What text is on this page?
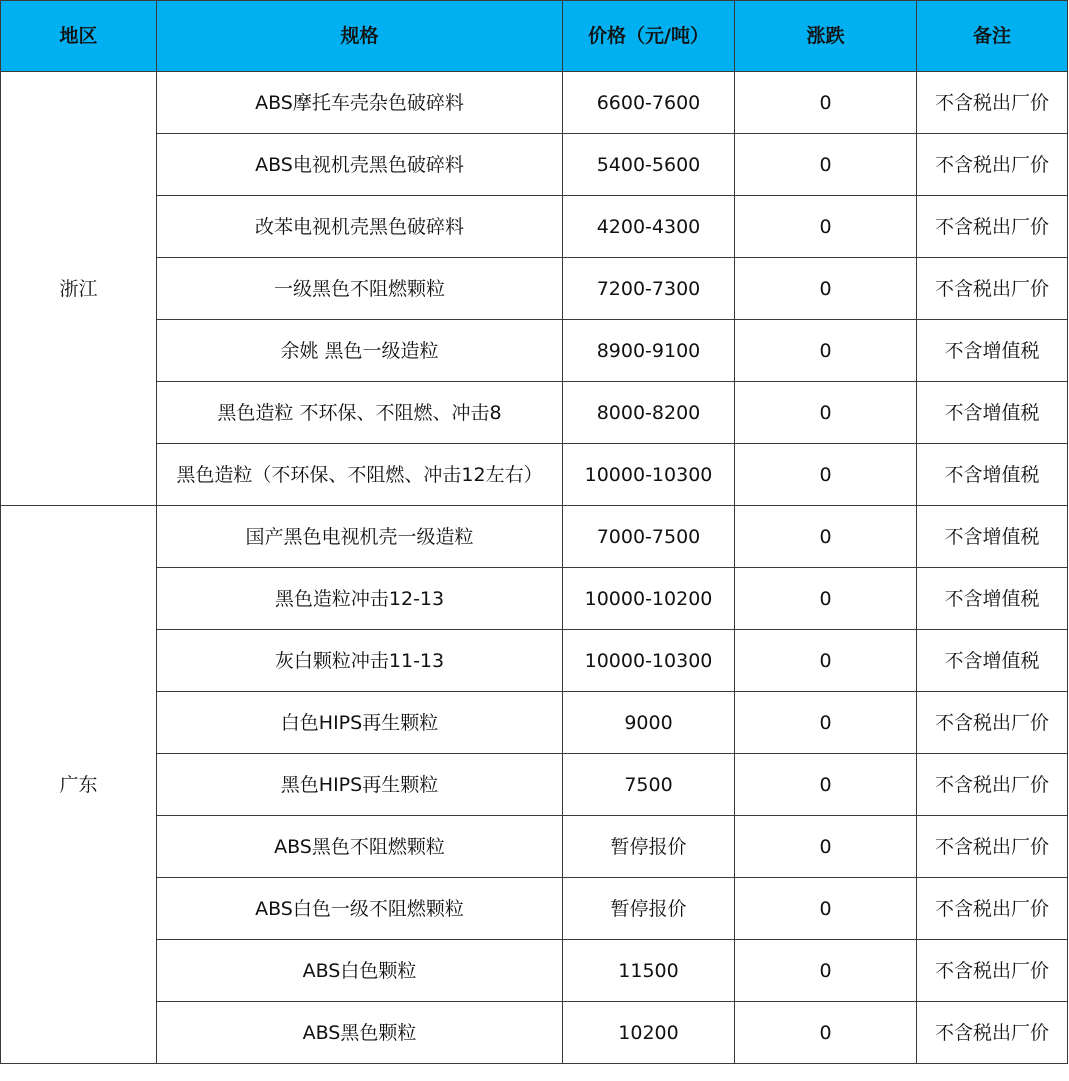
地区	规格	价格（元/吨）	涨跌	备注
浙江	ABS摩托车壳杂色破碎料	6600-7600	0	不含税出厂价
	ABS电视机壳黑色破碎料	5400-5600	0	不含税出厂价
	改苯电视机壳黑色破碎料	4200-4300	0	不含税出厂价
	一级黑色不阻燃颗粒	7200-7300	0	不含税出厂价
	余姚 黑色一级造粒	8900-9100	0	不含增值税
	黑色造粒 不环保、不阻燃、冲击8	8000-8200	0	不含增值税
	黑色造粒（不环保、不阻燃、冲击12左右）	10000-10300	0	不含增值税
广东	国产黑色电视机壳一级造粒	7000-7500	0	不含增值税
	黑色造粒冲击12-13	10000-10200	0	不含增值税
	灰白颗粒冲击11-13	10000-10300	0	不含增值税
	白色HIPS再生颗粒	9000	0	不含税出厂价
	黑色HIPS再生颗粒	7500	0	不含税出厂价
	ABS黑色不阻燃颗粒	暂停报价	0	不含税出厂价
	ABS白色一级不阻燃颗粒	暂停报价	0	不含税出厂价
	ABS白色颗粒	11500	0	不含税出厂价
	ABS黑色颗粒	10200	0	不含税出厂价
